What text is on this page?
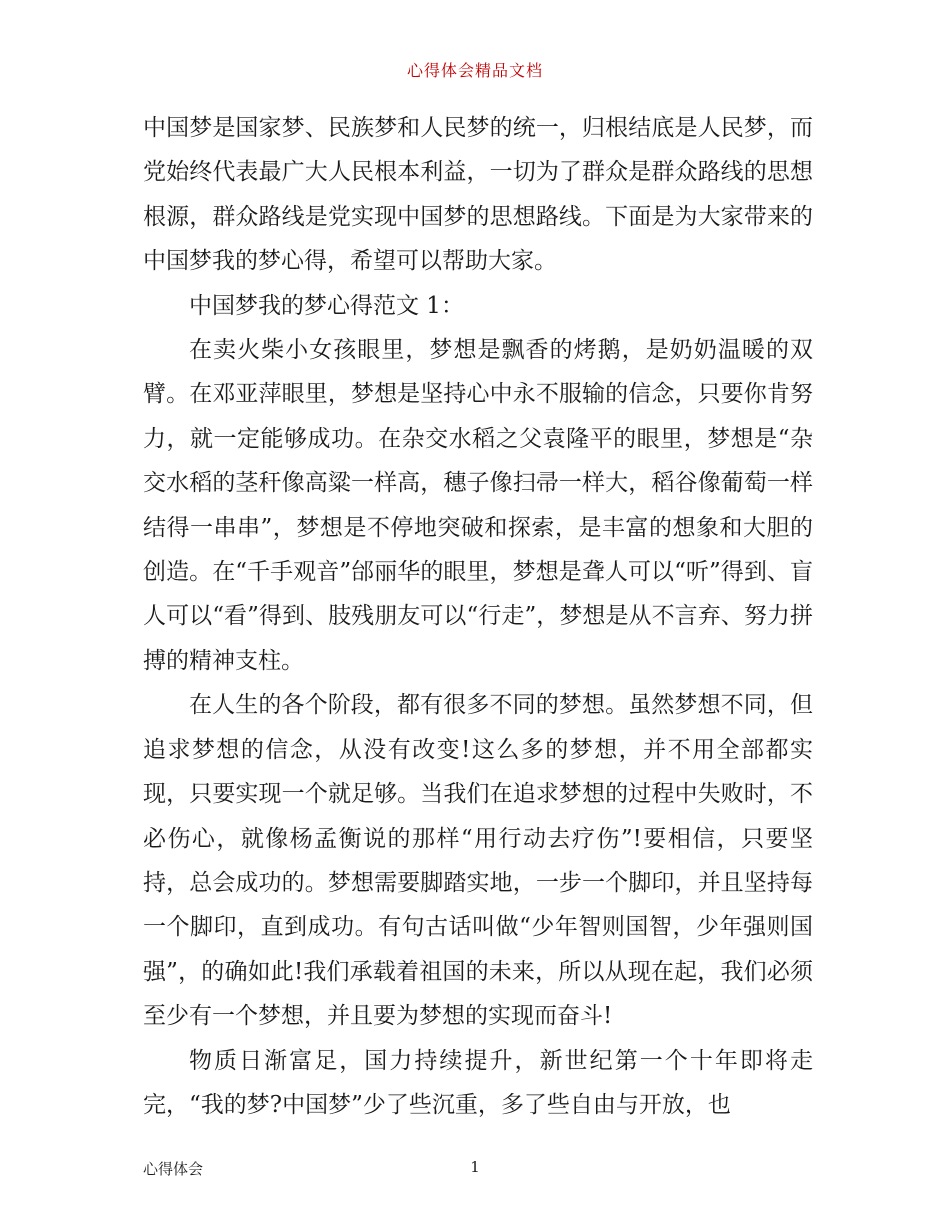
心得体会精品文档

中国梦是国家梦、民族梦和人民梦的统一，归根结底是人民梦，而党始终代表最广大人民根本利益，一切为了群众是群众路线的思想根源，群众路线是党实现中国梦的思想路线。下面是为大家带来的中国梦我的梦心得，希望可以帮助大家。

中国梦我的梦心得范文 1：

在卖火柴小女孩眼里，梦想是飘香的烤鹅，是奶奶温暖的双臂。在邓亚萍眼里，梦想是坚持心中永不服输的信念，只要你肯努力，就一定能够成功。在杂交水稻之父袁隆平的眼里，梦想是“杂交水稻的茎秆像高粱一样高，穗子像扫帚一样大，稻谷像葡萄一样结得一串串”，梦想是不停地突破和探索，是丰富的想象和大胆的创造。在“千手观音”邰丽华的眼里，梦想是聋人可以“听”得到、盲人可以“看”得到、肢残朋友可以“行走”，梦想是从不言弃、努力拼搏的精神支柱。

在人生的各个阶段，都有很多不同的梦想。虽然梦想不同，但追求梦想的信念，从没有改变!这么多的梦想，并不用全部都实现，只要实现一个就足够。当我们在追求梦想的过程中失败时，不必伤心，就像杨孟衡说的那样“用行动去疗伤”!要相信，只要坚持，总会成功的。梦想需要脚踏实地，一步一个脚印，并且坚持每一个脚印，直到成功。有句古话叫做“少年智则国智，少年强则国强”，的确如此!我们承载着祖国的未来，所以从现在起，我们必须至少有一个梦想，并且要为梦想的实现而奋斗!

物质日渐富足，国力持续提升，新世纪第一个十年即将走完，“我的梦?中国梦”少了些沉重，多了些自由与开放，也

心得体会	1
